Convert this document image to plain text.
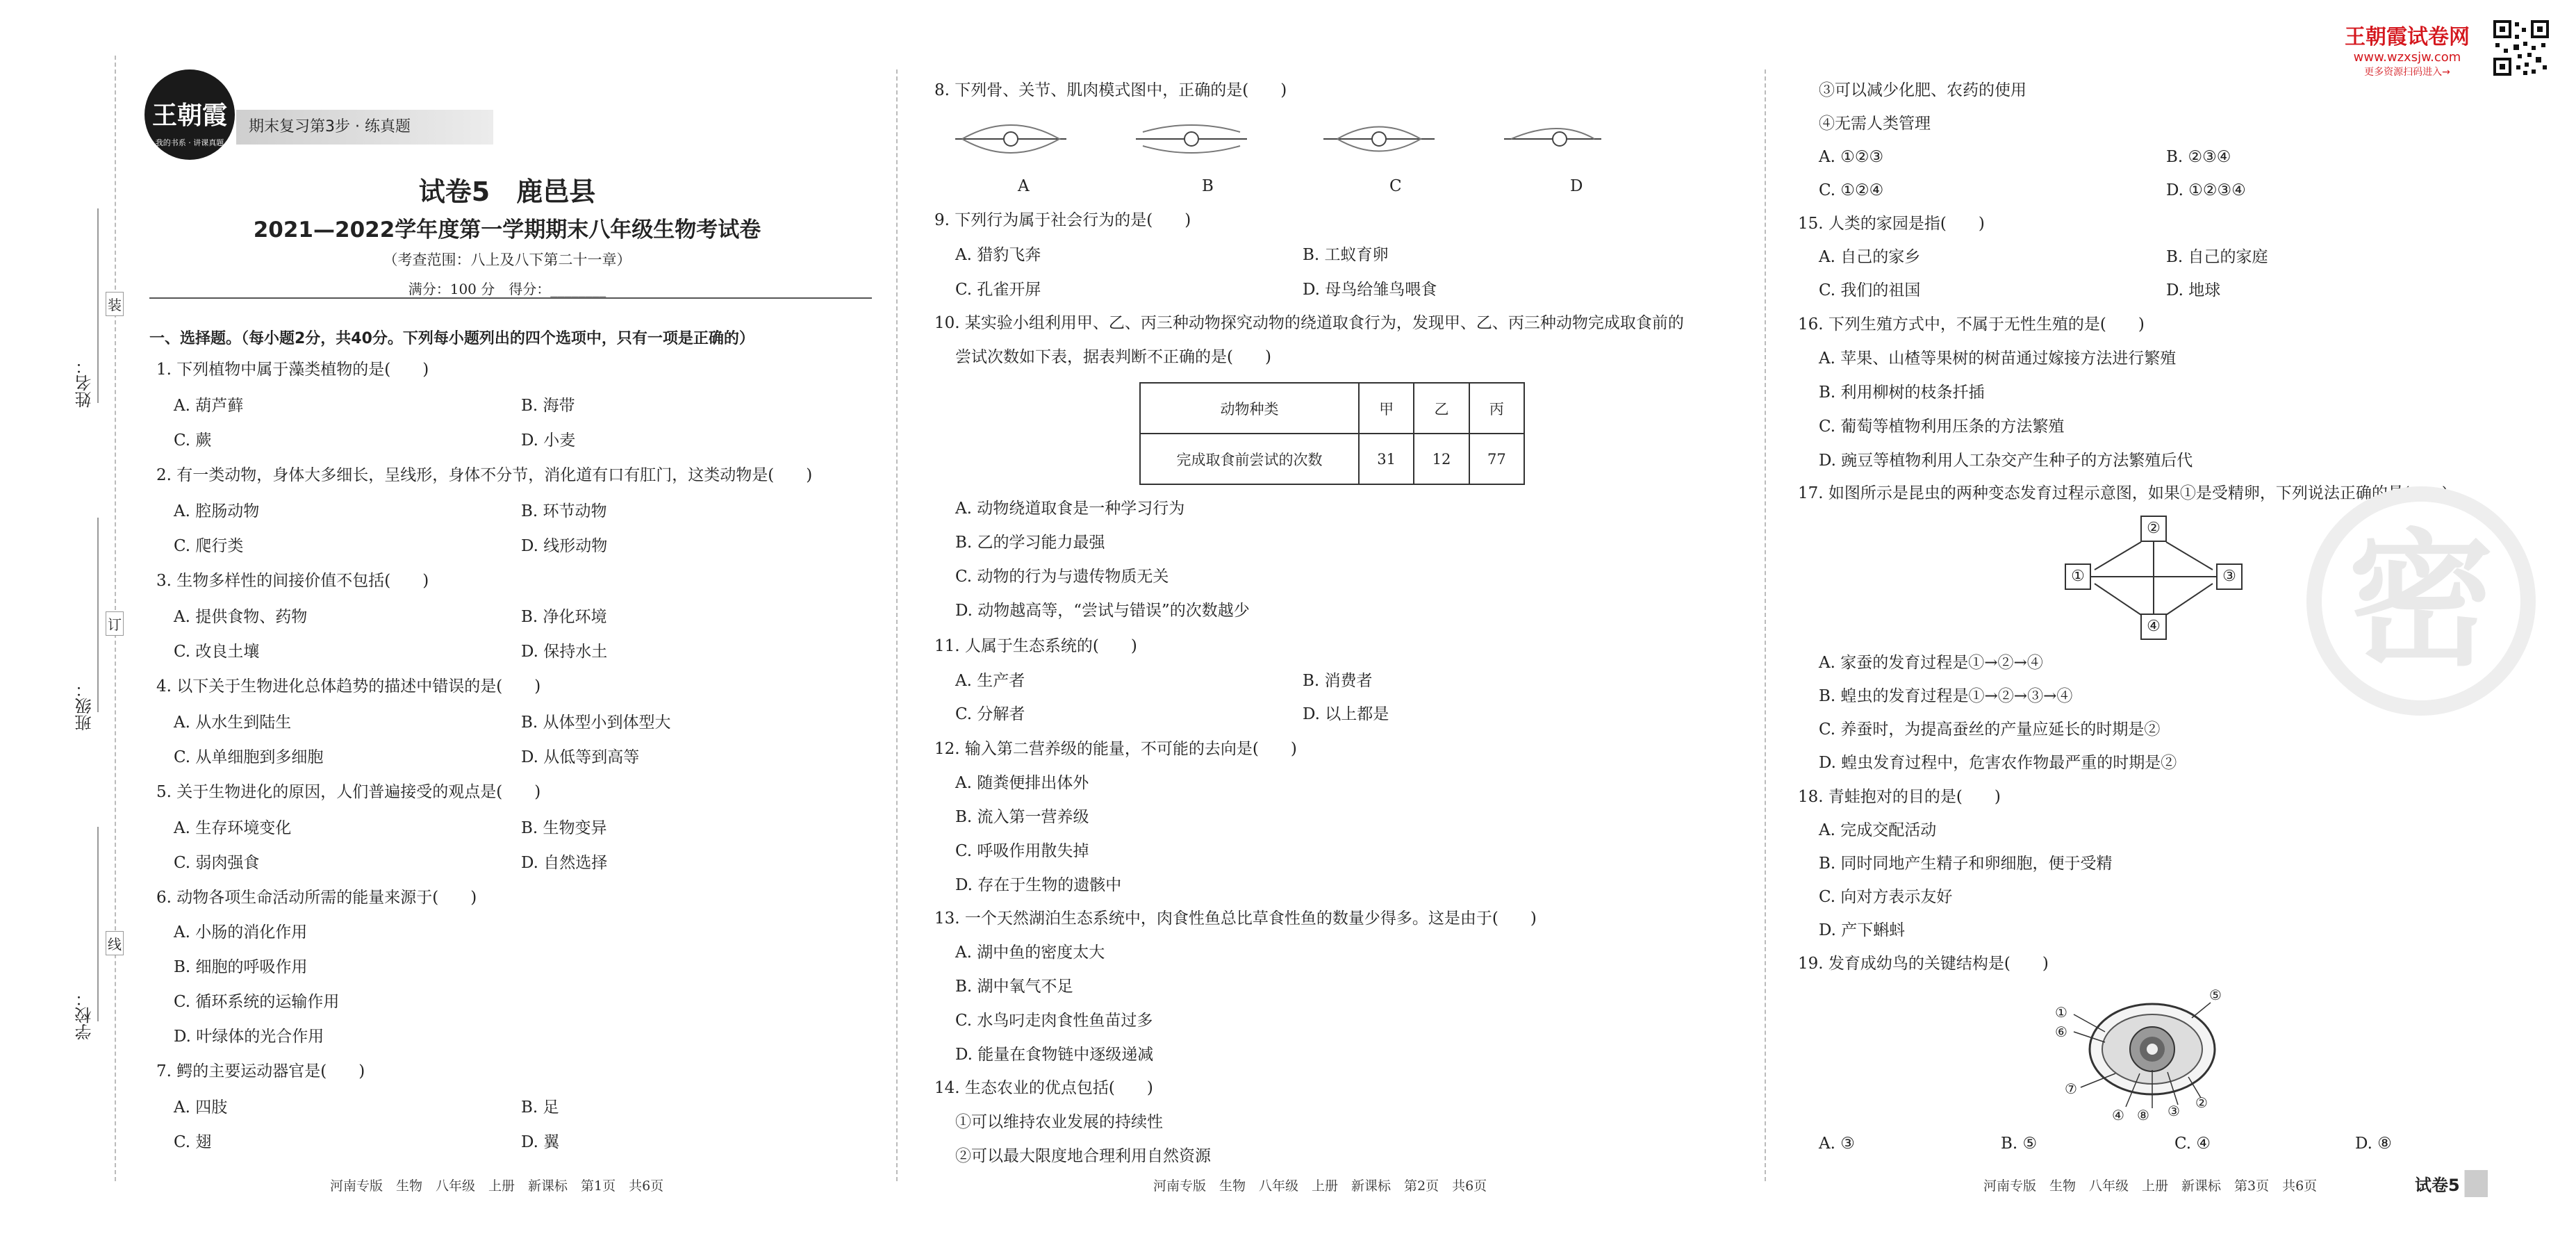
姓名：
班级：
学校：
装
订
线
王朝霞
我的书系 · 讲课真题
期末复习第3步 · 练真题
试卷5　鹿邑县
2021—2022学年度第一学期期末八年级生物考试卷
（考查范围：八上及八下第二十一章）
满分：100 分　得分：________
一、选择题。（每小题2分，共40分。下列每小题列出的四个选项中，只有一项是正确的）
1. 下列植物中属于藻类植物的是(　　)
A. 葫芦藓	B. 海带
C. 蕨	D. 小麦
2. 有一类动物，身体大多细长，呈线形，身体不分节，消化道有口有肛门，这类动物是(　　)
A. 腔肠动物	B. 环节动物
C. 爬行类	D. 线形动物
3. 生物多样性的间接价值不包括(　　)
A. 提供食物、药物	B. 净化环境
C. 改良土壤	D. 保持水土
4. 以下关于生物进化总体趋势的描述中错误的是(　　)
A. 从水生到陆生	B. 从体型小到体型大
C. 从单细胞到多细胞	D. 从低等到高等
5. 关于生物进化的原因，人们普遍接受的观点是(　　)
A. 生存环境变化	B. 生物变异
C. 弱肉强食	D. 自然选择
6. 动物各项生命活动所需的能量来源于(　　)
A. 小肠的消化作用
B. 细胞的呼吸作用
C. 循环系统的运输作用
D. 叶绿体的光合作用
7. 鳄的主要运动器官是(　　)
A. 四肢	B. 足
C. 翅	D. 翼
河南专版　生物　八年级　上册　新课标　第1页　共6页
8. 下列骨、关节、肌肉模式图中，正确的是(　　)
A	B	C	D
9. 下列行为属于社会行为的是(　　)
A. 猎豹飞奔	B. 工蚁育卵
C. 孔雀开屏	D. 母鸟给雏鸟喂食
10. 某实验小组利用甲、乙、丙三种动物探究动物的绕道取食行为，发现甲、乙、丙三种动物完成取食前的
尝试次数如下表，据表判断不正确的是(　　)
动物种类	甲	乙	丙
完成取食前尝试的次数	31	12	77
A. 动物绕道取食是一种学习行为
B. 乙的学习能力最强
C. 动物的行为与遗传物质无关
D. 动物越高等，“尝试与错误”的次数越少
11. 人属于生态系统的(　　)
A. 生产者	B. 消费者
C. 分解者	D. 以上都是
12. 输入第二营养级的能量，不可能的去向是(　　)
A. 随粪便排出体外
B. 流入第一营养级
C. 呼吸作用散失掉
D. 存在于生物的遗骸中
13. 一个天然湖泊生态系统中，肉食性鱼总比草食性鱼的数量少得多。这是由于(　　)
A. 湖中鱼的密度太大
B. 湖中氧气不足
C. 水鸟叼走肉食性鱼苗过多
D. 能量在食物链中逐级递减
14. 生态农业的优点包括(　　)
①可以维持农业发展的持续性
②可以最大限度地合理利用自然资源
河南专版　生物　八年级　上册　新课标　第2页　共6页
③可以减少化肥、农药的使用
④无需人类管理
A. ①②③	B. ②③④
C. ①②④	D. ①②③④
15. 人类的家园是指(　　)
A. 自己的家乡	B. 自己的家庭
C. 我们的祖国	D. 地球
16. 下列生殖方式中，不属于无性生殖的是(　　)
A. 苹果、山楂等果树的树苗通过嫁接方法进行繁殖
B. 利用柳树的枝条扦插
C. 葡萄等植物利用压条的方法繁殖
D. 豌豆等植物利用人工杂交产生种子的方法繁殖后代
17. 如图所示是昆虫的两种变态发育过程示意图，如果①是受精卵，下列说法正确的是(　　)
②
①	③
④
A. 家蚕的发育过程是①→②→④
B. 蝗虫的发育过程是①→②→③→④
C. 养蚕时，为提高蚕丝的产量应延长的时期是②
D. 蝗虫发育过程中，危害农作物最严重的时期是②
18. 青蛙抱对的目的是(　　)
A. 完成交配活动
B. 同时同地产生精子和卵细胞，便于受精
C. 向对方表示友好
D. 产下蝌蚪
19. 发育成幼鸟的关键结构是(　　)
①
⑥
⑦
④ ⑧ ③ ②
⑤
A. ③	B. ⑤	C. ④	D. ⑧
河南专版　生物　八年级　上册　新课标　第3页　共6页	试卷5
密
王朝霞试卷网
www.wzxsjw.com
更多资源扫码进入→
